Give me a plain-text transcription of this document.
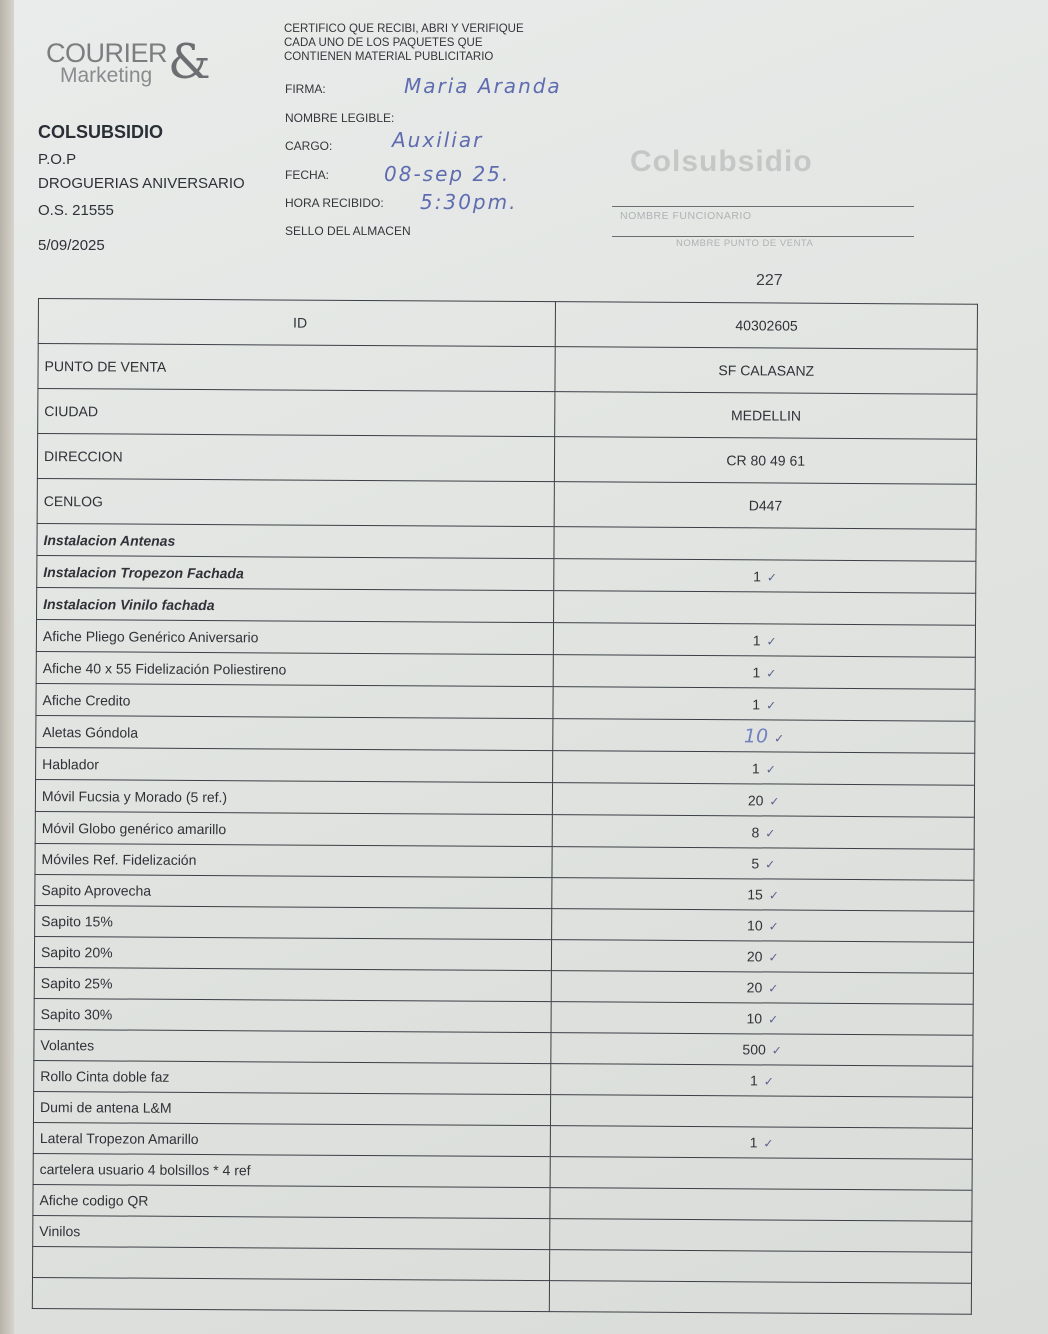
COURIER &
Marketing
COLSUBSIDIO
P.O.P
DROGUERIAS ANIVERSARIO
O.S. 21555
5/09/2025
CERTIFICO QUE RECIBI, ABRI Y VERIFIQUE
CADA UNO DE LOS PAQUETES QUE
CONTIENEN MATERIAL PUBLICITARIO
FIRMA:	Maria Aranda
NOMBRE LEGIBLE:
CARGO:	Auxiliar
FECHA:	08-sep 25.
HORA RECIBIDO: 5:30pm.
SELLO DEL ALMACEN
Colsubsidio
NOMBRE FUNCIONARIO
NOMBRE PUNTO DE VENTA
227
ID	40302605
PUNTO DE VENTA	SF CALASANZ
CIUDAD	MEDELLIN
DIRECCION	CR 80 49 61
CENLOG	D447
Instalacion Antenas	
Instalacion Tropezon Fachada	1 ✓
Instalacion Vinilo fachada	
Afiche Pliego Genérico Aniversario	1 ✓
Afiche 40 x 55 Fidelización Poliestireno	1 ✓
Afiche Credito	1 ✓
Aletas Góndola	10 ✓
Hablador	1 ✓
Móvil Fucsia y Morado (5 ref.)	20 ✓
Móvil Globo genérico amarillo	8 ✓
Móviles Ref. Fidelización	5 ✓
Sapito Aprovecha	15 ✓
Sapito 15%	10 ✓
Sapito 20%	20 ✓
Sapito 25%	20 ✓
Sapito 30%	10 ✓
Volantes	500 ✓
Rollo Cinta doble faz	1 ✓
Dumi de antena L&M	
Lateral Tropezon Amarillo	1 ✓
cartelera usuario 4 bolsillos * 4 ref	
Afiche codigo QR	
Vinilos	
